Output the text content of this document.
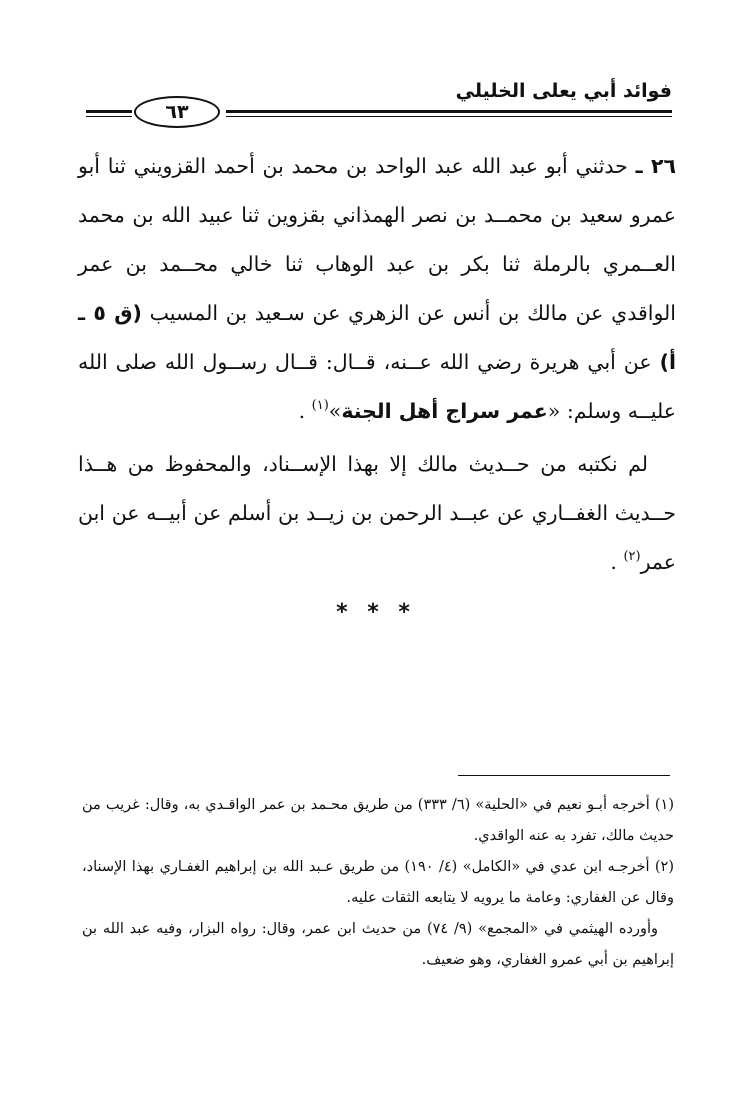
فوائد أبي يعلى الخليلي
٦٣

٢٦ ـ حدثني أبو عبد الله عبد الواحد بن محمد بن أحمد القزويني ثنا أبو عمرو سعيد بن محمــد بن نصر الهمذاني بقزوين ثنا عبيد الله بن محمد العــمري بالرملة ثنا بكر بن عبد الوهاب ثنا خالي محــمد بن عمر الواقدي عن مالك بن أنس عن الزهري عن سـعيد بن المسيب (ق ٥ ـ أ) عن أبي هريرة رضي الله عــنه، قــال: قــال رســول الله صلى الله عليــه وسلم: «عمر سراج أهل الجنة»$^{(١)}$ .

لم نكتبه من حــديث مالك إلا بهذا الإســناد، والمحفوظ من هــذا حــديث الغفــاري عن عبــد الرحمن بن زيــد بن أسلم عن أبيــه عن ابن عمر$^{(٢)}$ .

* * *

(١) أخرجه أبـو نعيم في «الحلية» (٦/ ٣٣٣) من طريق محـمد بن عمر الواقـدي به، وقال: غريب من حديث مالك، تفرد به عنه الواقدي.

(٢) أخرجـه ابن عدي في «الكامل» (٤/ ١٩٠) من طريق عـبد الله بن إبراهيم الغفـاري بهذا الإسناد، وقال عن الغفاري: وعامة ما يرويه لا يتابعه الثقات عليه.

وأورده الهيثمي في «المجمع» (٩/ ٧٤) من حديث ابن عمر، وقال: رواه البزار، وفيه عبد الله بن إبراهيم بن أبي عمرو الغفاري، وهو ضعيف.
